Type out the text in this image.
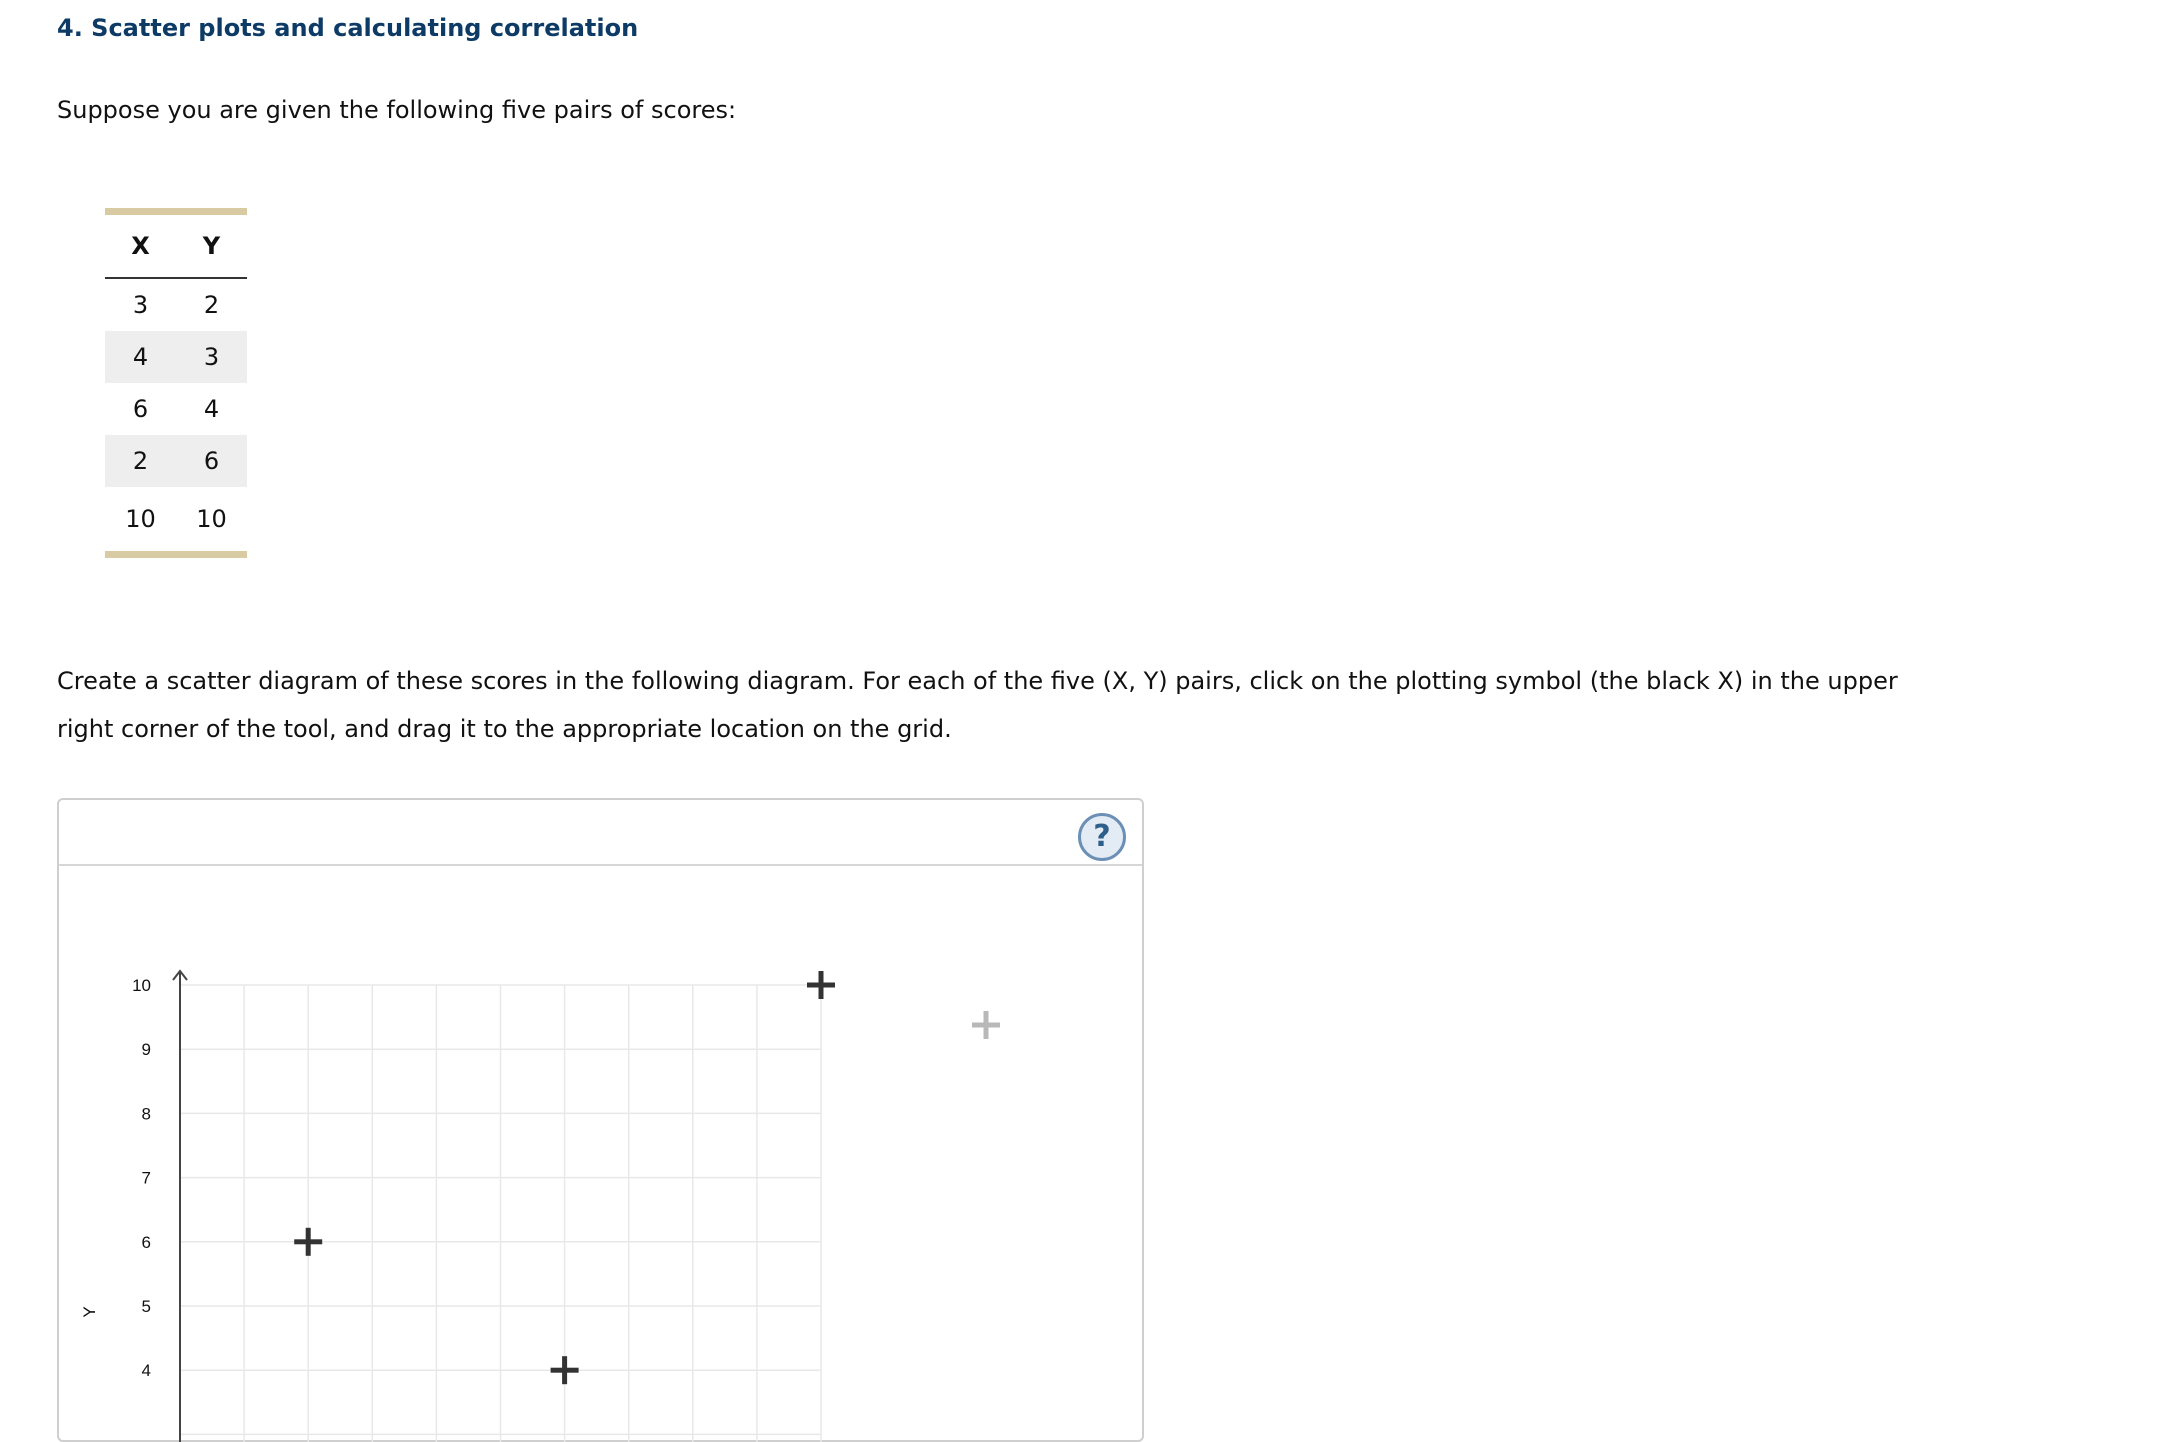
4. Scatter plots and calculating correlation
Suppose you are given the following five pairs of scores:
X	Y
3	2
4	3
6	4
2	6
10	10
Create a scatter diagram of these scores in the following diagram. For each of the five (X, Y) pairs, click on the plotting symbol (the black X) in the upper right corner of the tool, and drag it to the appropriate location on the grid.
?
10
9
8
7
6
5
4
Y
